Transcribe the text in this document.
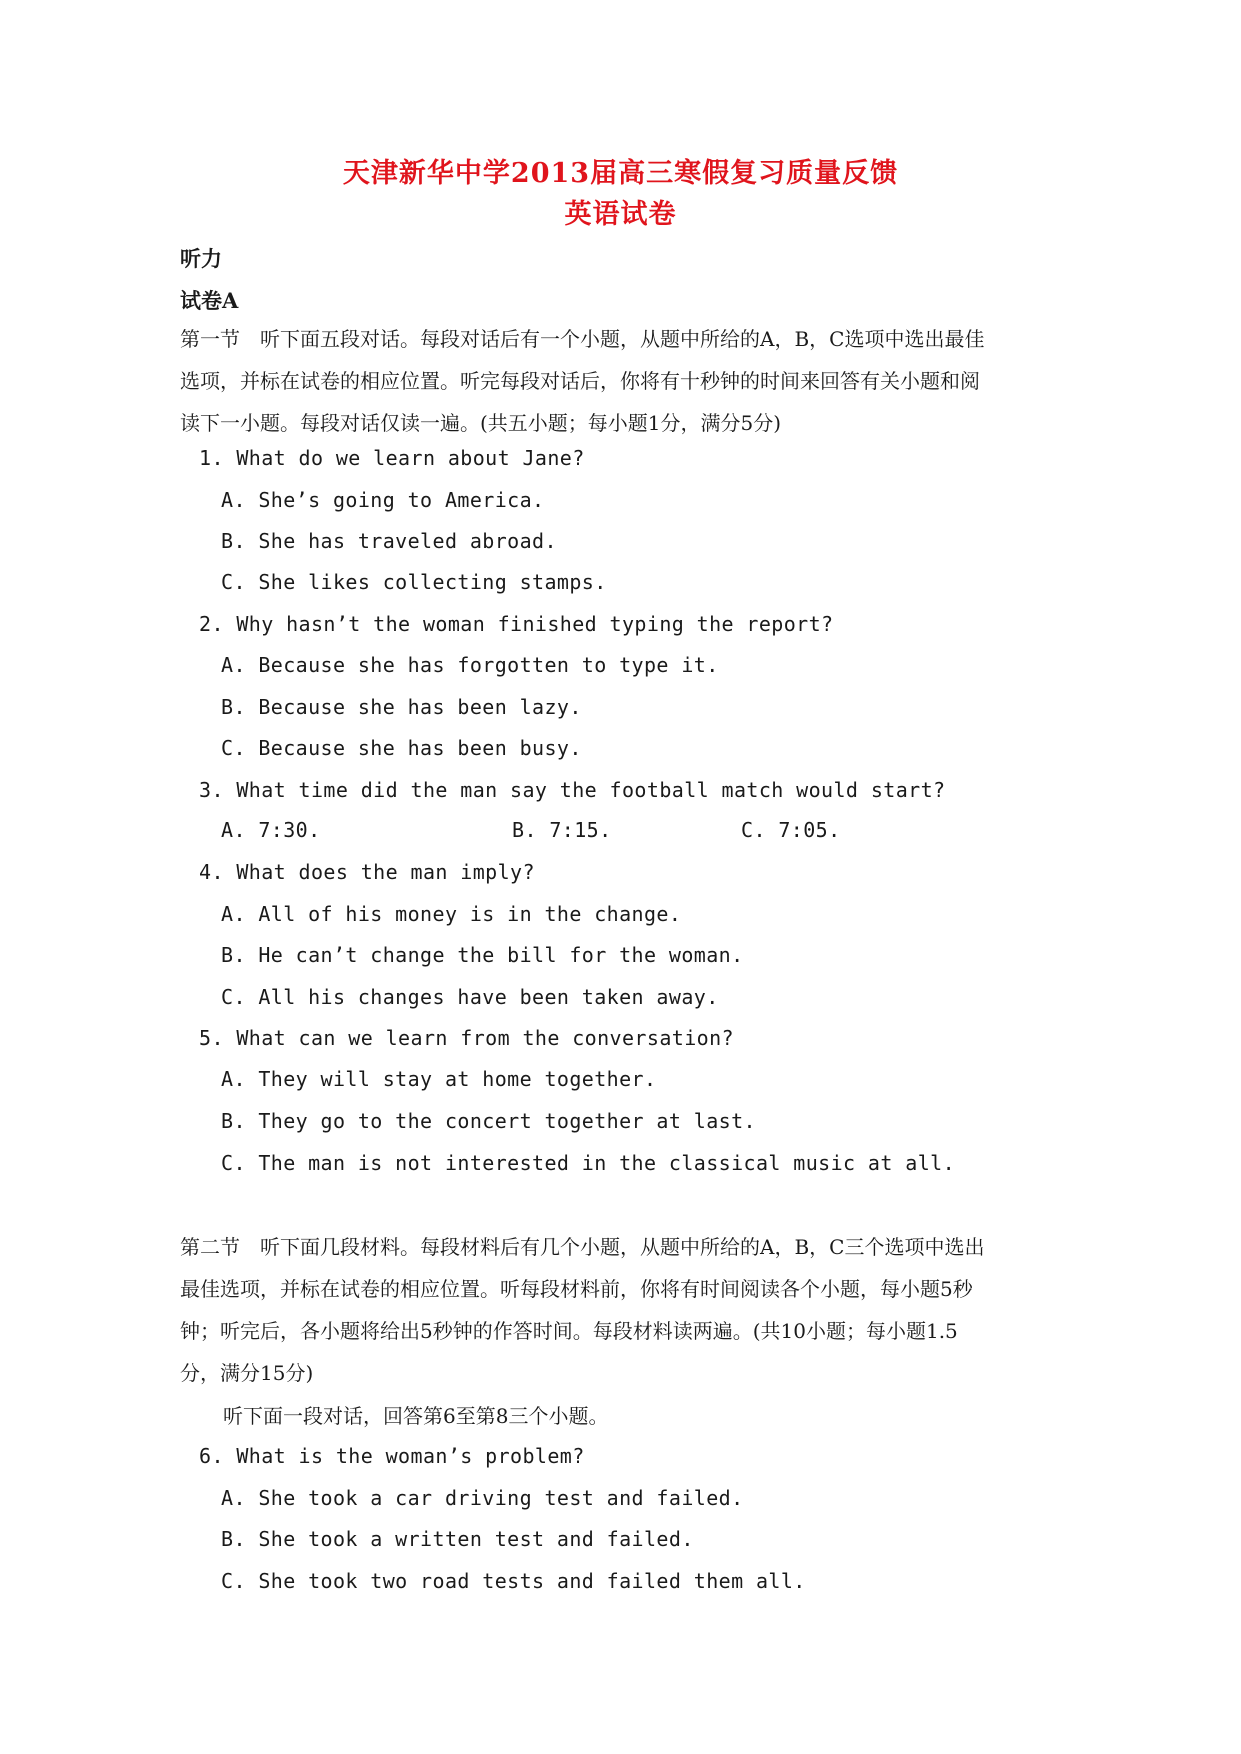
天津新华中学2013届高三寒假复习质量反馈
英语试卷
听力
试卷A
第一节　听下面五段对话。每段对话后有一个小题，从题中所给的A，B，C选项中选出最佳
选项，并标在试卷的相应位置。听完每段对话后，你将有十秒钟的时间来回答有关小题和阅
读下一小题。每段对话仅读一遍。(共五小题；每小题1分，满分5分)
1. What do we learn about Jane?
A. She’s going to America.
B. She has traveled abroad.
C. She likes collecting stamps.
2. Why hasn’t the woman finished typing the report?
A. Because she has forgotten to type it.
B. Because she has been lazy.
C. Because she has been busy.
3. What time did the man say the football match would start?
A. 7:30.	B. 7:15.	C. 7:05.
4. What does the man imply?
A. All of his money is in the change.
B. He can’t change the bill for the woman.
C. All his changes have been taken away.
5. What can we learn from the conversation?
A. They will stay at home together.
B. They go to the concert together at last.
C. The man is not interested in the classical music at all.
第二节　听下面几段材料。每段材料后有几个小题，从题中所给的A，B，C三个选项中选出
最佳选项，并标在试卷的相应位置。听每段材料前，你将有时间阅读各个小题，每小题5秒
钟；听完后，各小题将给出5秒钟的作答时间。每段材料读两遍。(共10小题；每小题1.5
分，满分15分)
听下面一段对话，回答第6至第8三个小题。
6. What is the woman’s problem?
A. She took a car driving test and failed.
B. She took a written test and failed.
C. She took two road tests and failed them all.
